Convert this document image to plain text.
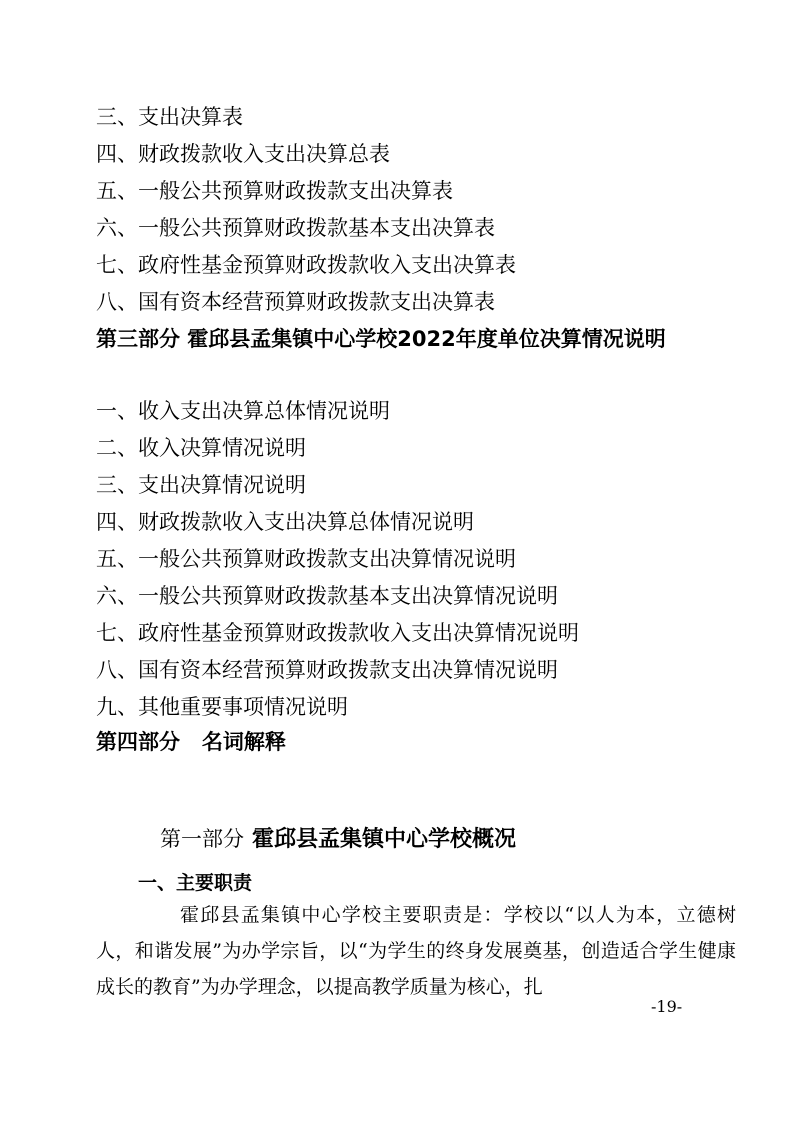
三、支出决算表
四、财政拨款收入支出决算总表
五、一般公共预算财政拨款支出决算表
六、一般公共预算财政拨款基本支出决算表
七、政府性基金预算财政拨款收入支出决算表
八、国有资本经营预算财政拨款支出决算表
第三部分 霍邱县孟集镇中心学校2022年度单位决算情况说明
一、收入支出决算总体情况说明
二、收入决算情况说明
三、支出决算情况说明
四、财政拨款收入支出决算总体情况说明
五、一般公共预算财政拨款支出决算情况说明
六、一般公共预算财政拨款基本支出决算情况说明
七、政府性基金预算财政拨款收入支出决算情况说明
八、国有资本经营预算财政拨款支出决算情况说明
九、其他重要事项情况说明
第四部分   名词解释
第一部分 霍邱县孟集镇中心学校概况
一、主要职责
霍邱县孟集镇中心学校主要职责是：学校以“以人为本，立德树人，和谐发展”为办学宗旨，以“为学生的终身发展奠基，创造适合学生健康成长的教育”为办学理念，以提高教学质量为核心，扎
-19-
